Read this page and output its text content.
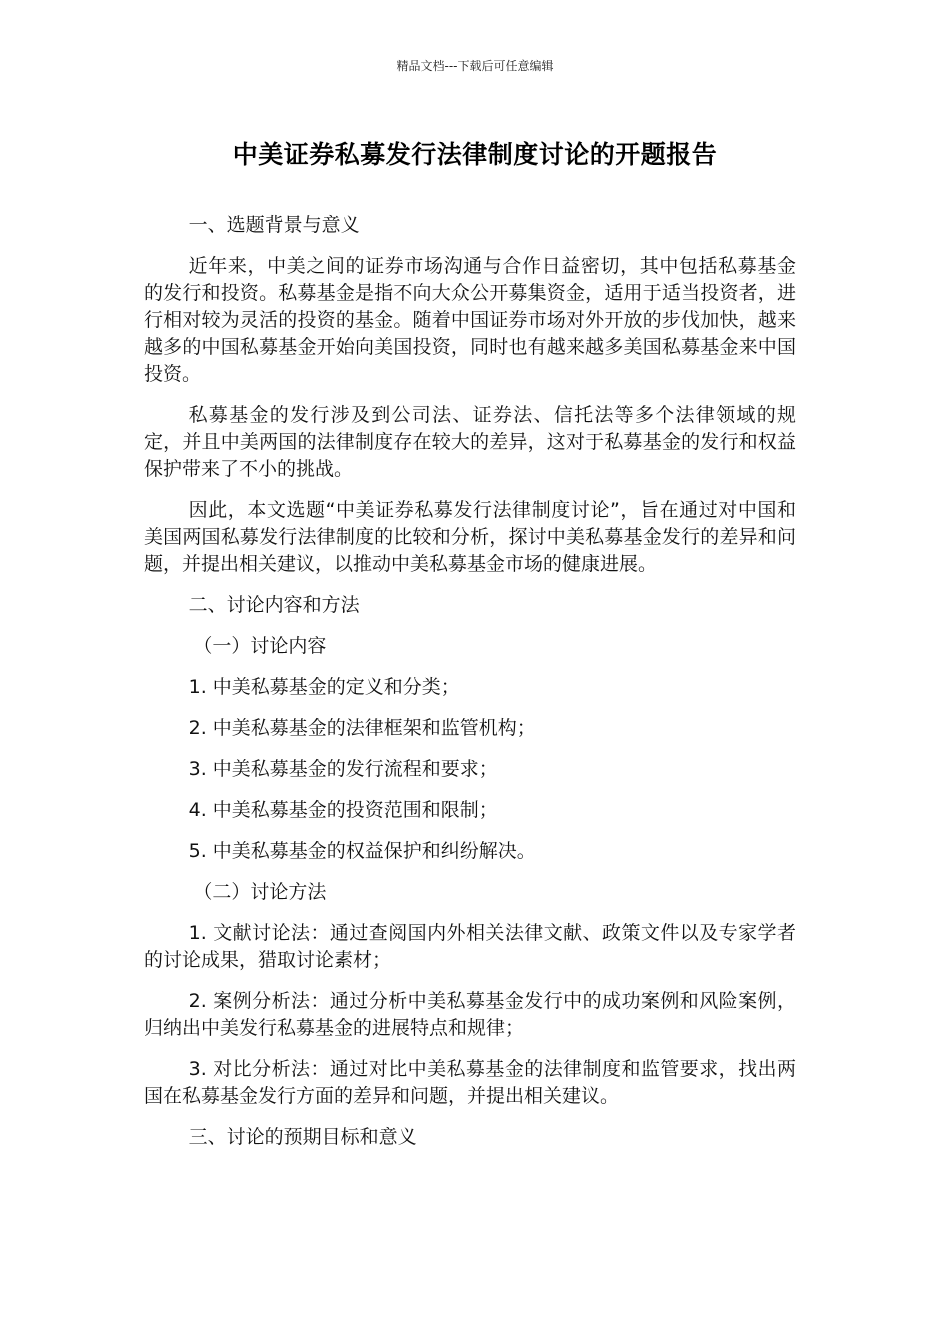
精品文档---下载后可任意编辑
中美证券私募发行法律制度讨论的开题报告

一、选题背景与意义

近年来，中美之间的证券市场沟通与合作日益密切，其中包括私募基金的发行和投资。私募基金是指不向大众公开募集资金，适用于适当投资者，进行相对较为灵活的投资的基金。随着中国证券市场对外开放的步伐加快，越来越多的中国私募基金开始向美国投资，同时也有越来越多美国私募基金来中国投资。

私募基金的发行涉及到公司法、证券法、信托法等多个法律领域的规定，并且中美两国的法律制度存在较大的差异，这对于私募基金的发行和权益保护带来了不小的挑战。

因此，本文选题“中美证券私募发行法律制度讨论”，旨在通过对中国和美国两国私募发行法律制度的比较和分析，探讨中美私募基金发行的差异和问题，并提出相关建议，以推动中美私募基金市场的健康进展。

二、讨论内容和方法

（一）讨论内容

1. 中美私募基金的定义和分类；

2. 中美私募基金的法律框架和监管机构；

3. 中美私募基金的发行流程和要求；

4. 中美私募基金的投资范围和限制；

5. 中美私募基金的权益保护和纠纷解决。

（二）讨论方法

1. 文献讨论法：通过查阅国内外相关法律文献、政策文件以及专家学者的讨论成果，猎取讨论素材；

2. 案例分析法：通过分析中美私募基金发行中的成功案例和风险案例，归纳出中美发行私募基金的进展特点和规律；

3. 对比分析法：通过对比中美私募基金的法律制度和监管要求，找出两国在私募基金发行方面的差异和问题，并提出相关建议。

三、讨论的预期目标和意义
